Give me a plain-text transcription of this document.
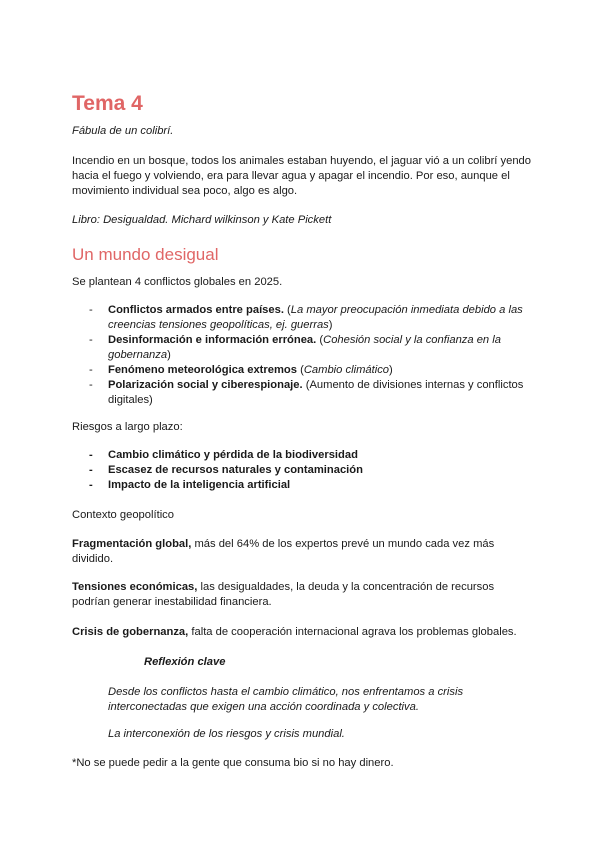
Tema 4

Fábula de un colibrí.

Incendio en un bosque, todos los animales estaban huyendo, el jaguar vió a un colibrí yendo hacia el fuego y volviendo, era para llevar agua y apagar el incendio. Por eso, aunque el movimiento individual sea poco, algo es algo.

Libro: Desigualdad. Michard wilkinson y Kate Pickett

Un mundo desigual

Se plantean 4 conflictos globales en 2025.

- Conflictos armados entre países. (La mayor preocupación inmediata debido a las creencias tensiones geopolíticas, ej. guerras)
- Desinformación e información errónea. (Cohesión social y la confianza en la gobernanza)
- Fenómeno meteorológica extremos (Cambio climático)
- Polarización social y ciberespionaje. (Aumento de divisiones internas y conflictos digitales)

Riesgos a largo plazo:

- Cambio climático y pérdida de la biodiversidad
- Escasez de recursos naturales y contaminación
- Impacto de la inteligencia artificial

Contexto geopolítico

Fragmentación global, más del 64% de los expertos prevé un mundo cada vez más dividido.

Tensiones económicas, las desigualdades, la deuda y la concentración de recursos podrían generar inestabilidad financiera.

Crisis de gobernanza, falta de cooperación internacional agrava los problemas globales.

Reflexión clave

Desde los conflictos hasta el cambio climático, nos enfrentamos a crisis interconectadas que exigen una acción coordinada y colectiva.

La interconexión de los riesgos y crisis mundial.

*No se puede pedir a la gente que consuma bio si no hay dinero.
